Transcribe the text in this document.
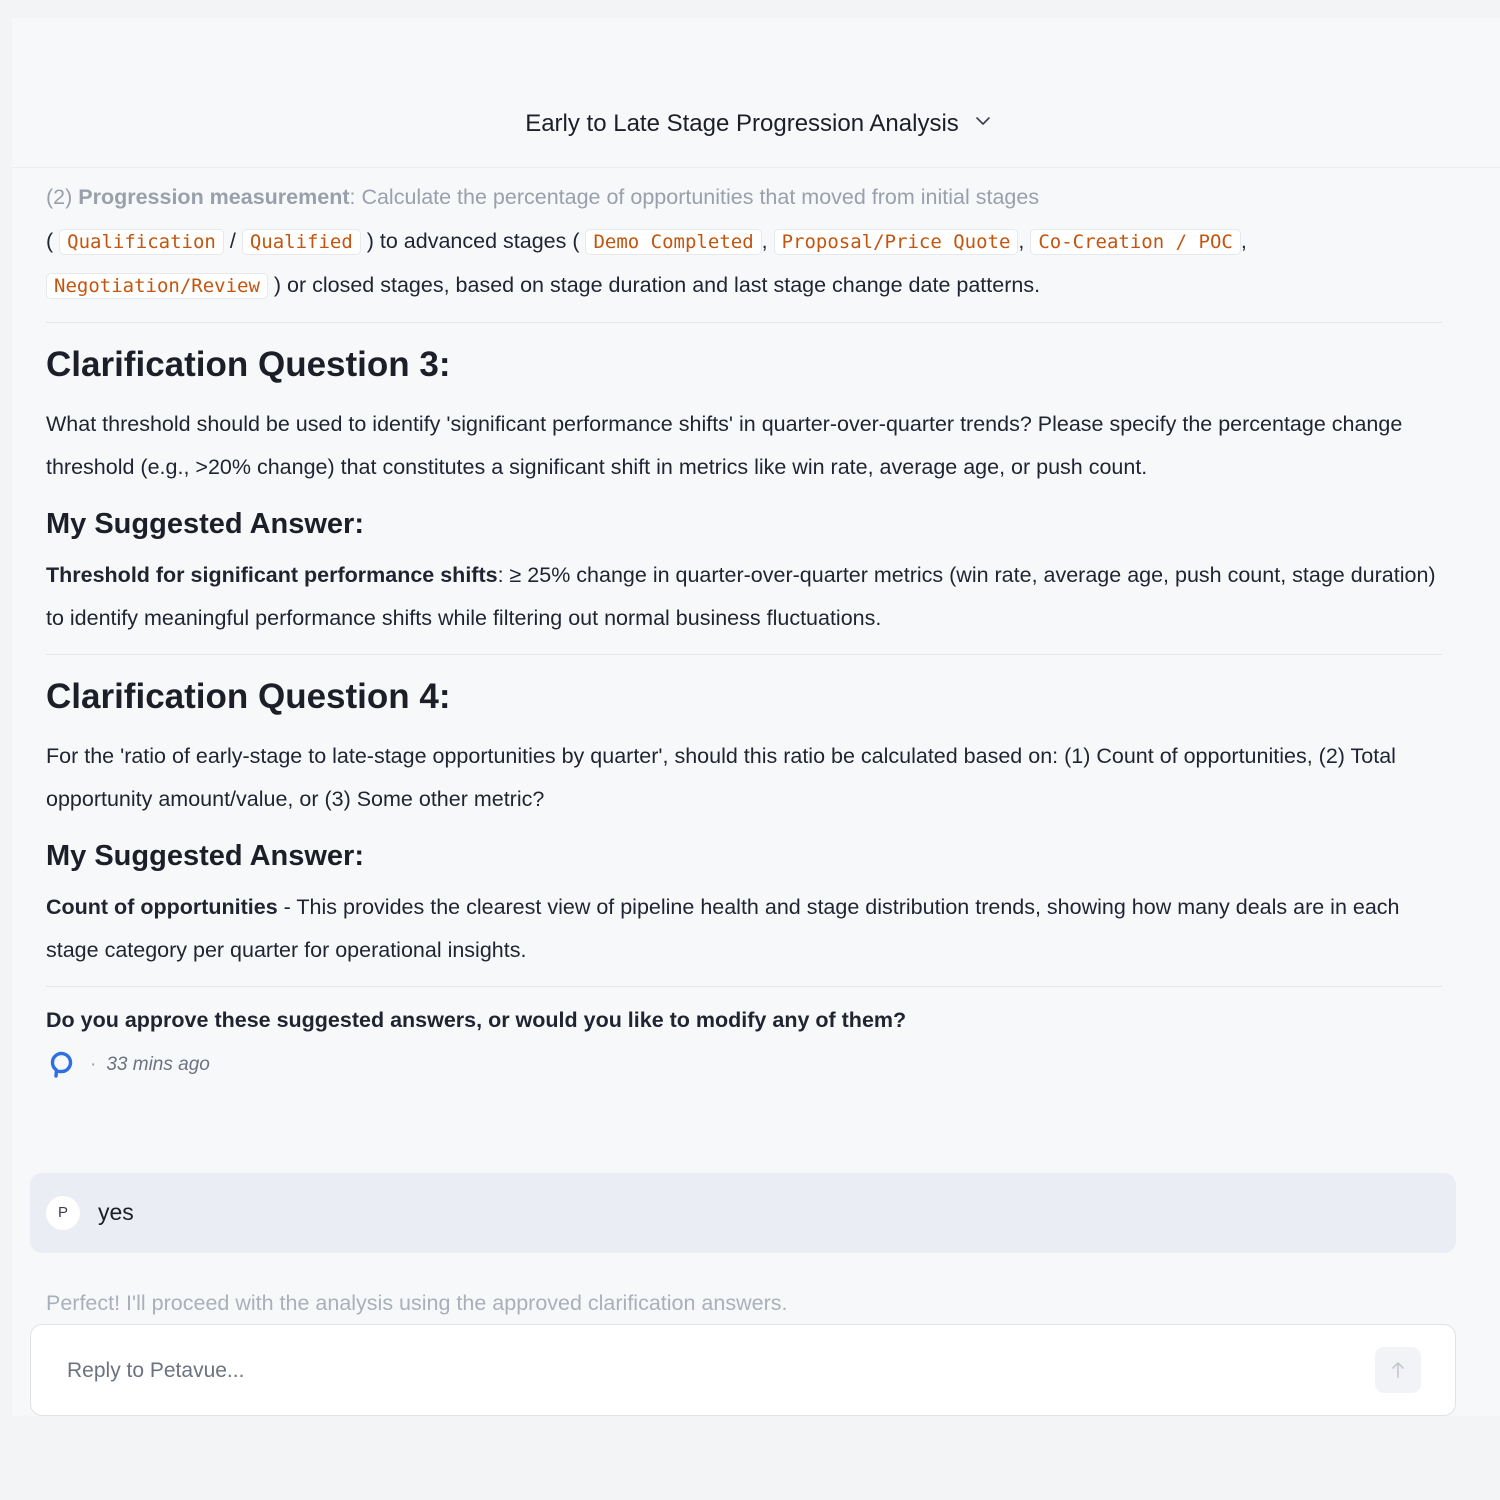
Early to Late Stage Progression Analysis

(2) Progression measurement: Calculate the percentage of opportunities that moved from initial stages
( Qualification / Qualified ) to advanced stages ( Demo Completed , Proposal/Price Quote , Co-Creation / POC ,
Negotiation/Review ) or closed stages, based on stage duration and last stage change date patterns.

Clarification Question 3:

What threshold should be used to identify 'significant performance shifts' in quarter-over-quarter trends? Please specify the percentage change threshold (e.g., >20% change) that constitutes a significant shift in metrics like win rate, average age, or push count.

My Suggested Answer:

Threshold for significant performance shifts: ≥ 25% change in quarter-over-quarter metrics (win rate, average age, push count, stage duration) to identify meaningful performance shifts while filtering out normal business fluctuations.

Clarification Question 4:

For the 'ratio of early-stage to late-stage opportunities by quarter', should this ratio be calculated based on: (1) Count of opportunities, (2) Total opportunity amount/value, or (3) Some other metric?

My Suggested Answer:

Count of opportunities - This provides the clearest view of pipeline health and stage distribution trends, showing how many deals are in each stage category per quarter for operational insights.

Do you approve these suggested answers, or would you like to modify any of them?
· 33 mins ago
P	yes
Perfect! I'll proceed with the analysis using the approved clarification answers.
Reply to Petavue...
